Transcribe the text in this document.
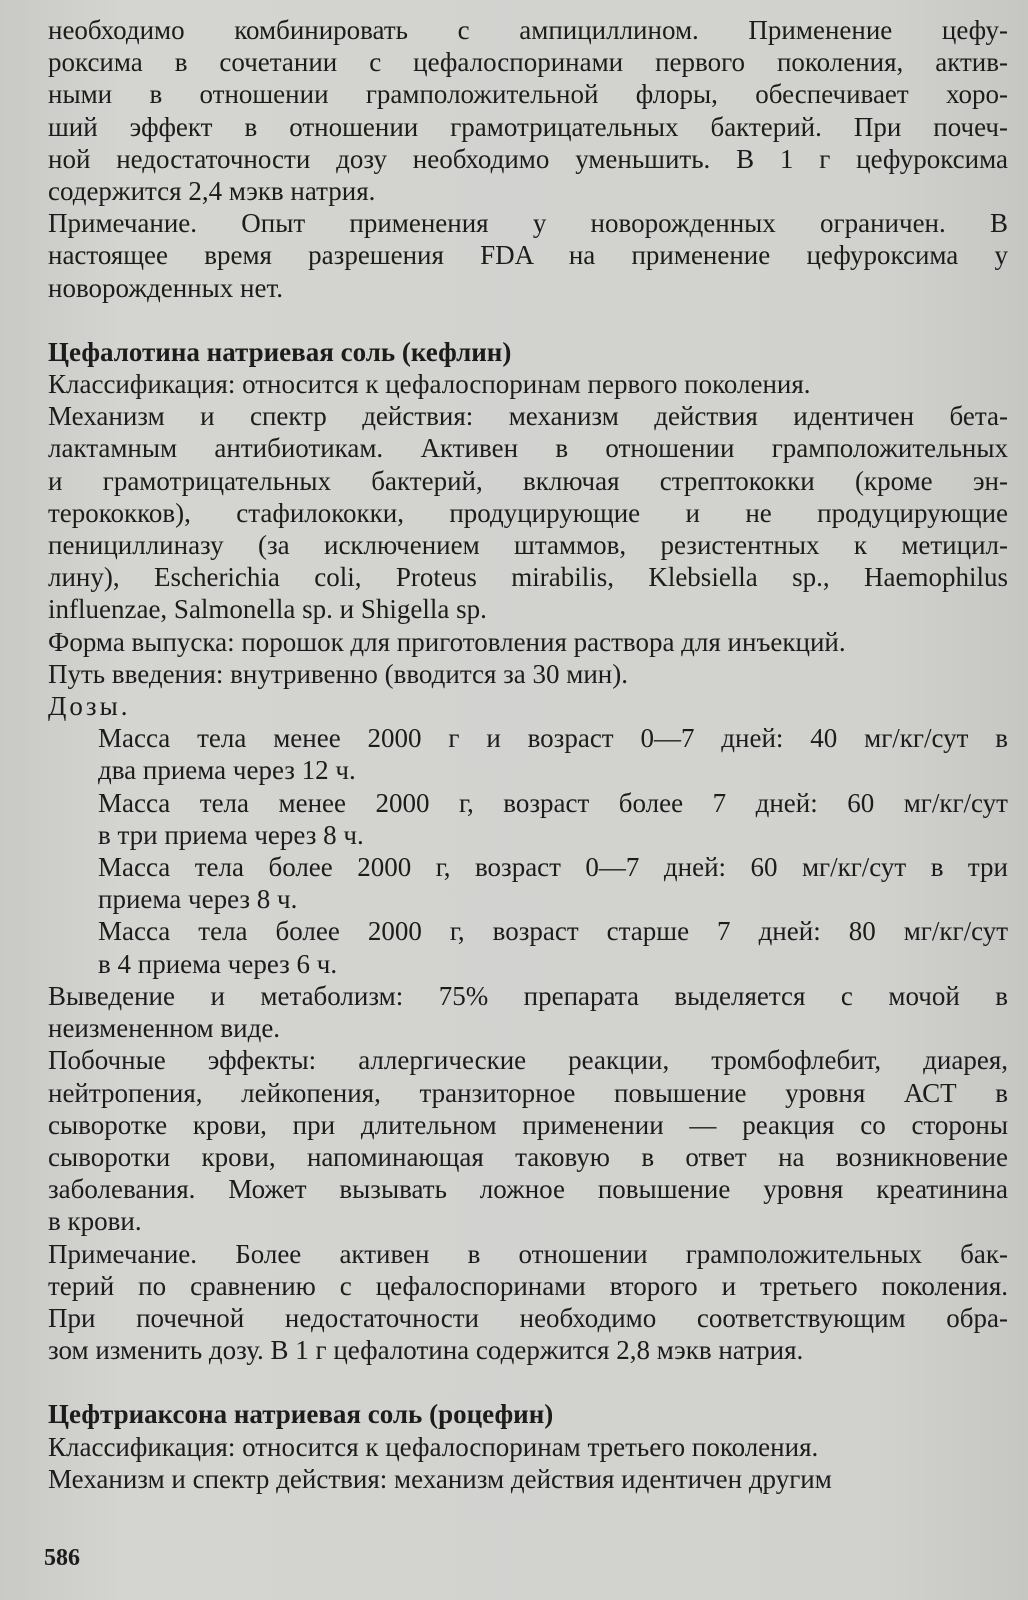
необходимо комбинировать с ампициллином. Применение цефу-
роксима в сочетании с цефалоспоринами первого поколения, актив-
ными в отношении грамположительной флоры, обеспечивает хоро-
ший эффект в отношении грамотрицательных бактерий. При почеч-
ной недостаточности дозу необходимо уменьшить. В 1 г цефуроксима
содержится 2,4 мэкв натрия.
Примечание. Опыт применения у новорожденных ограничен. В
настоящее время разрешения FDA на применение цефуроксима у
новорожденных нет.
Цефалотина натриевая соль (кефлин)
Классификация: относится к цефалоспоринам первого поколения.
Механизм и спектр действия: механизм действия идентичен бета-
лактамным антибиотикам. Активен в отношении грамположительных
и грамотрицательных бактерий, включая стрептококки (кроме эн-
терококков), стафилококки, продуцирующие и не продуцирующие
пенициллиназу (за исключением штаммов, резистентных к метицил-
лину), Escherichia coli, Proteus mirabilis, Klebsiella sp., Haemophilus
influenzae, Salmonella sp. и Shigella sp.
Форма выпуска: порошок для приготовления раствора для инъекций.
Путь введения: внутривенно (вводится за 30 мин).
Дозы.
Масса тела менее 2000 г и возраст 0—7 дней: 40 мг/кг/сут в
два приема через 12 ч.
Масса тела менее 2000 г, возраст более 7 дней: 60 мг/кг/сут
в три приема через 8 ч.
Масса тела более 2000 г, возраст 0—7 дней: 60 мг/кг/сут в три
приема через 8 ч.
Масса тела более 2000 г, возраст старше 7 дней: 80 мг/кг/сут
в 4 приема через 6 ч.
Выведение и метаболизм: 75% препарата выделяется с мочой в
неизмененном виде.
Побочные эффекты: аллергические реакции, тромбофлебит, диарея,
нейтропения, лейкопения, транзиторное повышение уровня АСТ в
сыворотке крови, при длительном применении — реакция со стороны
сыворотки крови, напоминающая таковую в ответ на возникновение
заболевания. Может вызывать ложное повышение уровня креатинина
в крови.
Примечание. Более активен в отношении грамположительных бак-
терий по сравнению с цефалоспоринами второго и третьего поколения.
При почечной недостаточности необходимо соответствующим обра-
зом изменить дозу. В 1 г цефалотина содержится 2,8 мэкв натрия.
Цефтриаксона натриевая соль (роцефин)
Классификация: относится к цефалоспоринам третьего поколения.
Механизм и спектр действия: механизм действия идентичен другим
586
